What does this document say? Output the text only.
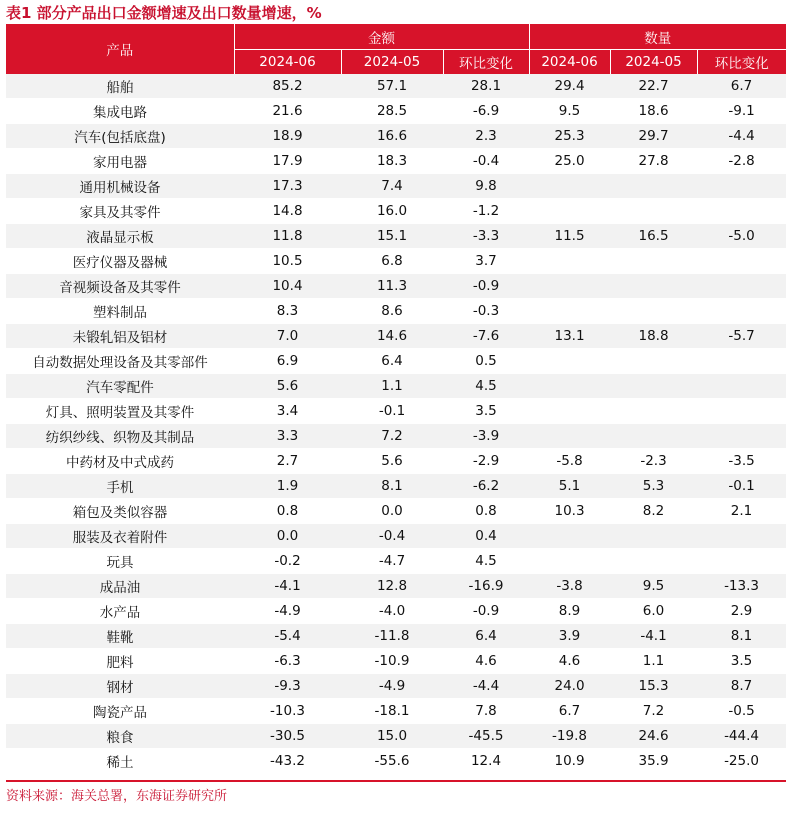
表1 部分产品出口金额增速及出口数量增速，%
产品	金额			数量		
	2024-06	2024-05	环比变化	2024-06	2024-05	环比变化
船舶	85.2	57.1	28.1	29.4	22.7	6.7
集成电路	21.6	28.5	-6.9	9.5	18.6	-9.1
汽车(包括底盘)	18.9	16.6	2.3	25.3	29.7	-4.4
家用电器	17.9	18.3	-0.4	25.0	27.8	-2.8
通用机械设备	17.3	7.4	9.8			
家具及其零件	14.8	16.0	-1.2			
液晶显示板	11.8	15.1	-3.3	11.5	16.5	-5.0
医疗仪器及器械	10.5	6.8	3.7			
音视频设备及其零件	10.4	11.3	-0.9			
塑料制品	8.3	8.6	-0.3			
未锻轧铝及铝材	7.0	14.6	-7.6	13.1	18.8	-5.7
自动数据处理设备及其零部件	6.9	6.4	0.5			
汽车零配件	5.6	1.1	4.5			
灯具、照明装置及其零件	3.4	-0.1	3.5			
纺织纱线、织物及其制品	3.3	7.2	-3.9			
中药材及中式成药	2.7	5.6	-2.9	-5.8	-2.3	-3.5
手机	1.9	8.1	-6.2	5.1	5.3	-0.1
箱包及类似容器	0.8	0.0	0.8	10.3	8.2	2.1
服装及衣着附件	0.0	-0.4	0.4			
玩具	-0.2	-4.7	4.5			
成品油	-4.1	12.8	-16.9	-3.8	9.5	-13.3
水产品	-4.9	-4.0	-0.9	8.9	6.0	2.9
鞋靴	-5.4	-11.8	6.4	3.9	-4.1	8.1
肥料	-6.3	-10.9	4.6	4.6	1.1	3.5
钢材	-9.3	-4.9	-4.4	24.0	15.3	8.7
陶瓷产品	-10.3	-18.1	7.8	6.7	7.2	-0.5
粮食	-30.5	15.0	-45.5	-19.8	24.6	-44.4
稀土	-43.2	-55.6	12.4	10.9	35.9	-25.0
资料来源：海关总署，东海证券研究所
